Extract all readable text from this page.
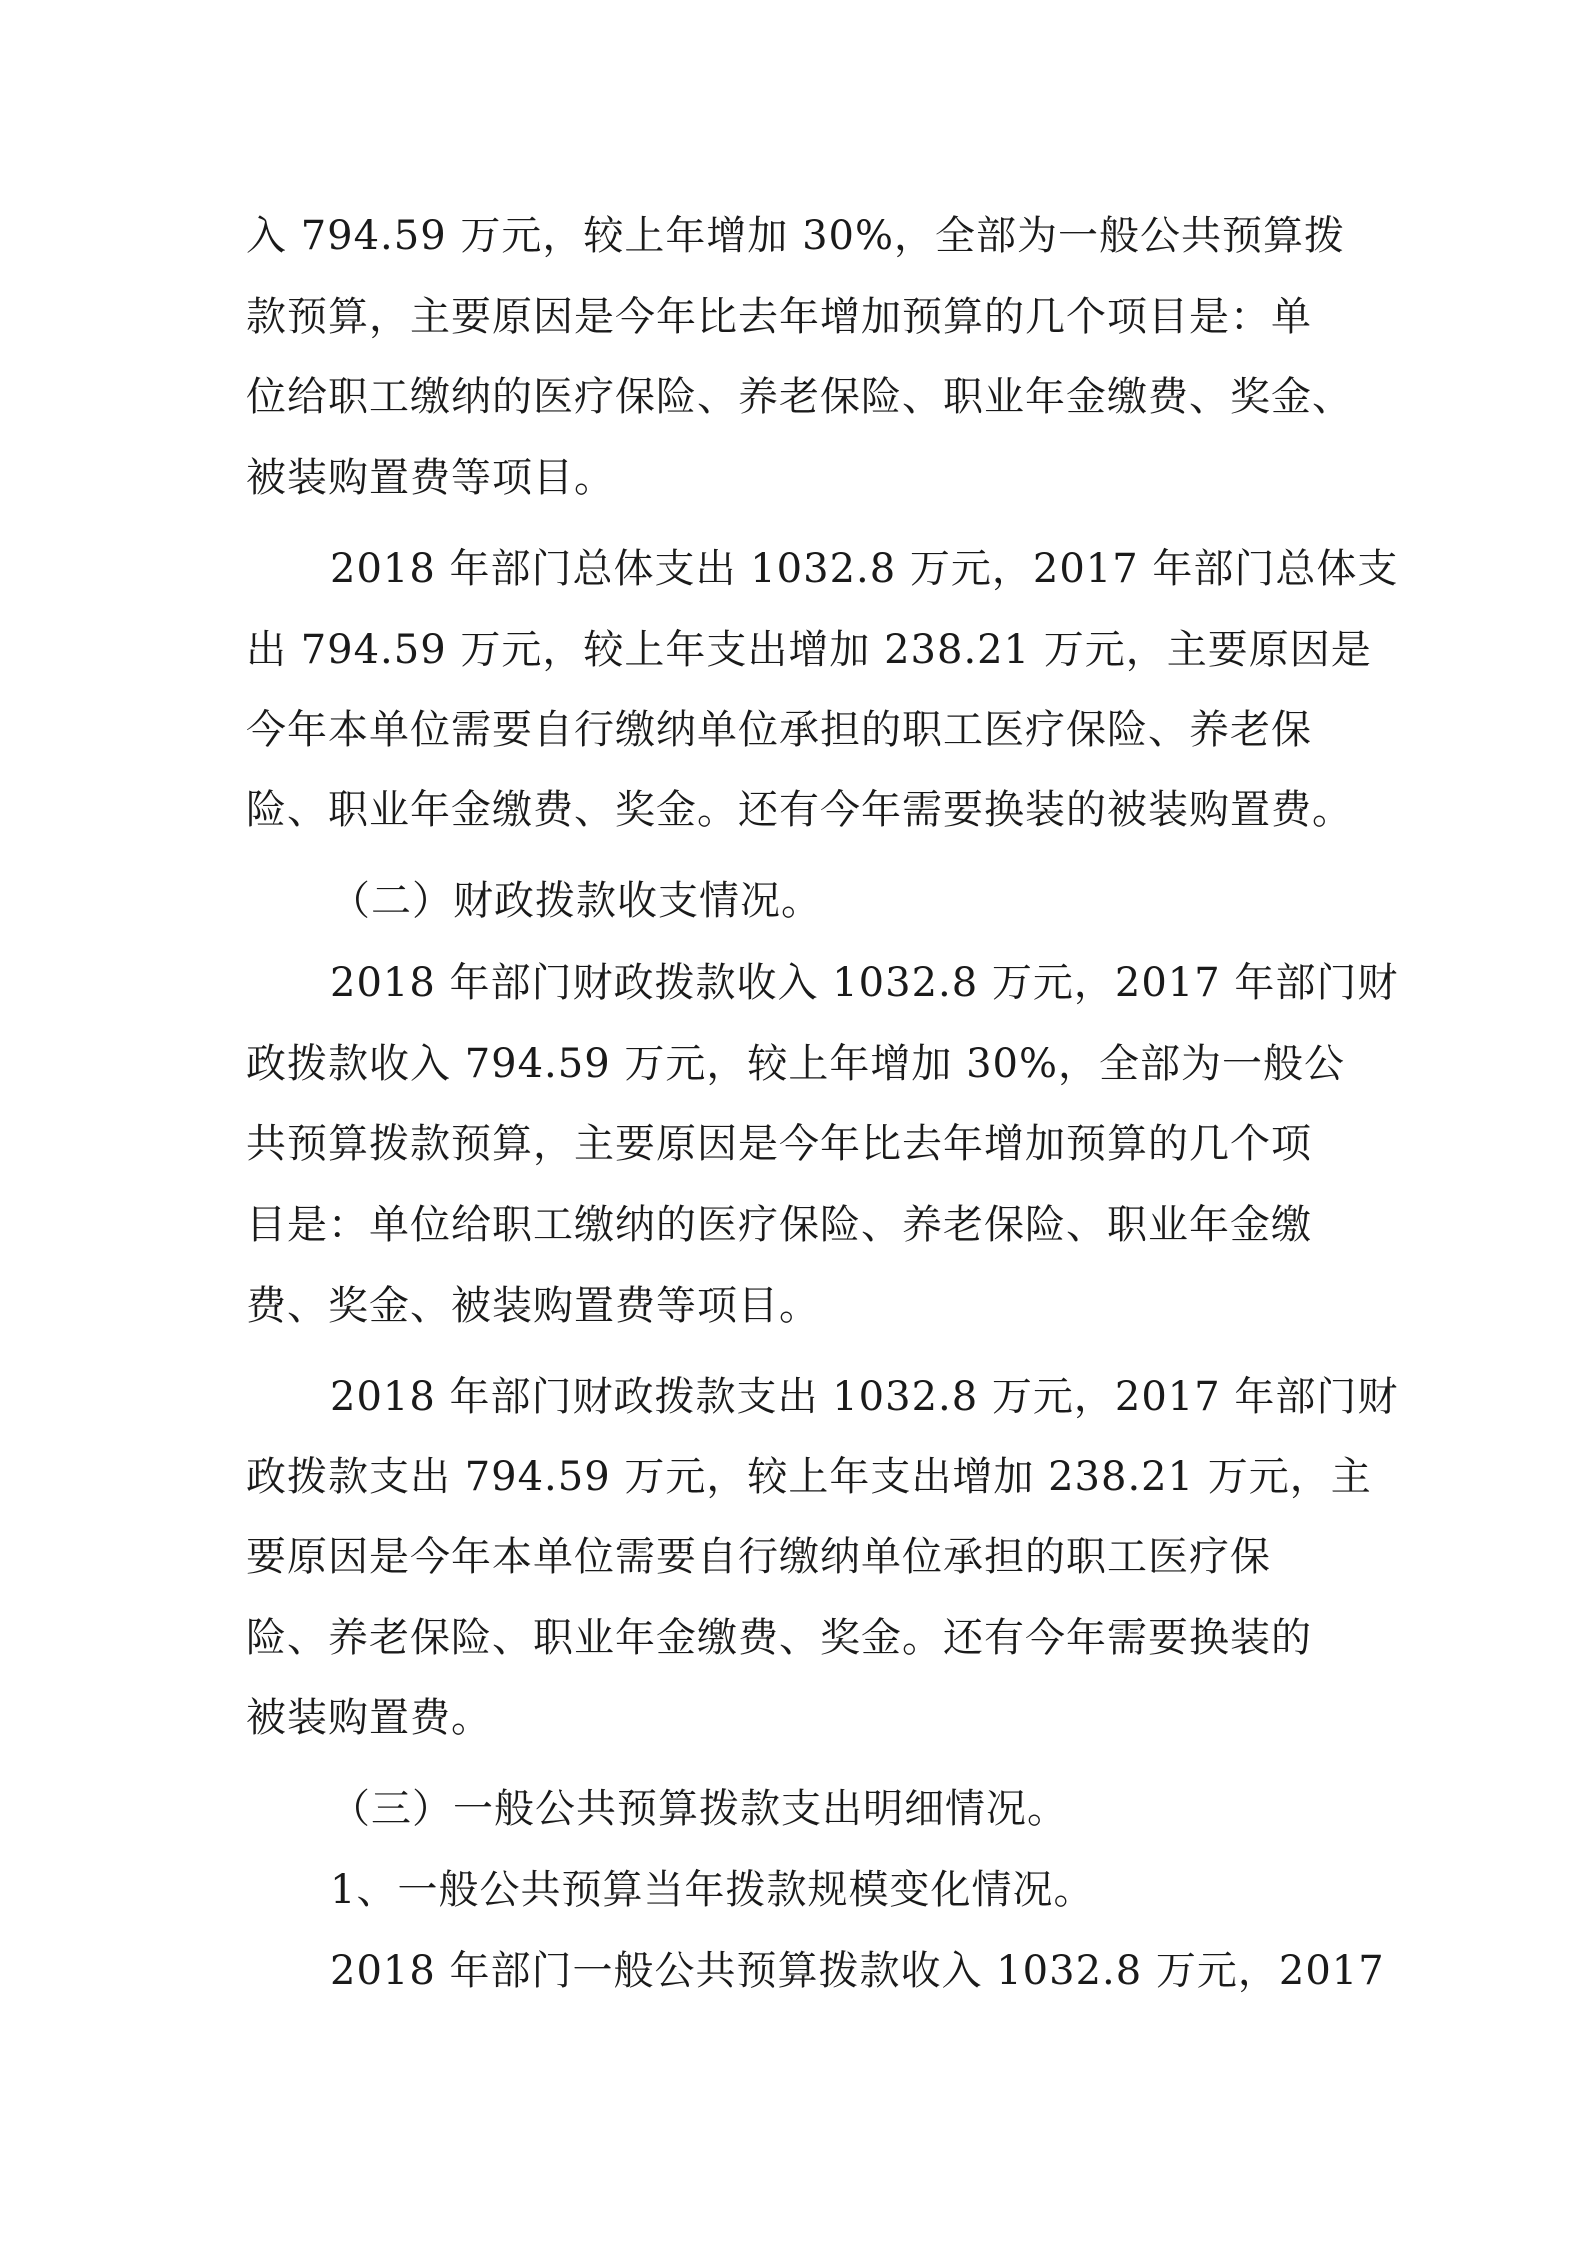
入 794.59 万元，较上年增加 30%，全部为一般公共预算拨
款预算，主要原因是今年比去年增加预算的几个项目是：单
位给职工缴纳的医疗保险、养老保险、职业年金缴费、奖金、
被装购置费等项目。
2018 年部门总体支出 1032.8 万元，2017 年部门总体支
出 794.59 万元，较上年支出增加 238.21 万元，主要原因是
今年本单位需要自行缴纳单位承担的职工医疗保险、养老保
险、职业年金缴费、奖金。还有今年需要换装的被装购置费。
（二）财政拨款收支情况。
2018 年部门财政拨款收入 1032.8 万元，2017 年部门财
政拨款收入 794.59 万元，较上年增加 30%，全部为一般公
共预算拨款预算，主要原因是今年比去年增加预算的几个项
目是：单位给职工缴纳的医疗保险、养老保险、职业年金缴
费、奖金、被装购置费等项目。
2018 年部门财政拨款支出 1032.8 万元，2017 年部门财
政拨款支出 794.59 万元，较上年支出增加 238.21 万元，主
要原因是今年本单位需要自行缴纳单位承担的职工医疗保
险、养老保险、职业年金缴费、奖金。还有今年需要换装的
被装购置费。
（三）一般公共预算拨款支出明细情况。
1、一般公共预算当年拨款规模变化情况。
2018 年部门一般公共预算拨款收入 1032.8 万元，2017
